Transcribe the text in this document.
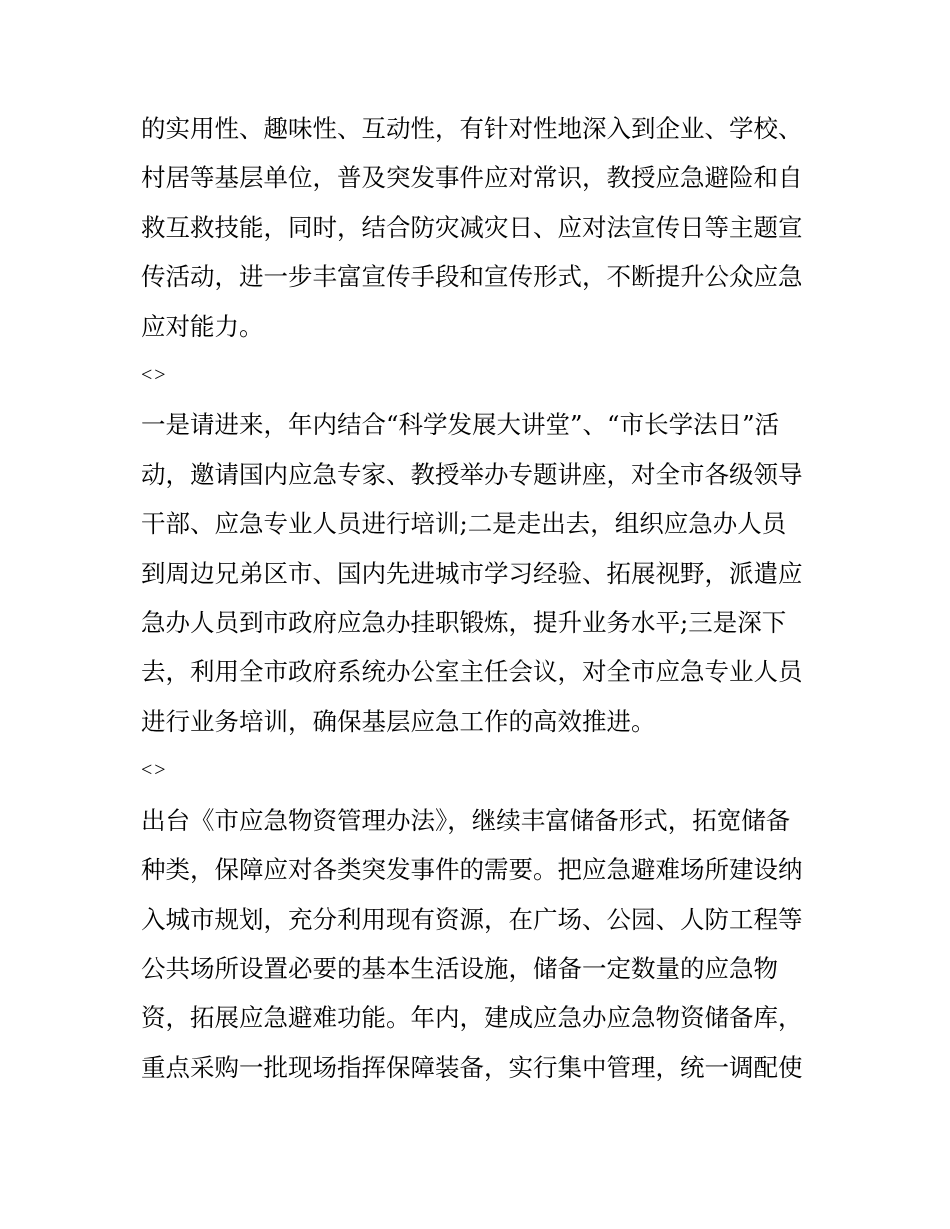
的实用性、趣味性、互动性，有针对性地深入到企业、学校、
村居等基层单位，普及突发事件应对常识，教授应急避险和自
救互救技能，同时，结合防灾减灾日、应对法宣传日等主题宣
传活动，进一步丰富宣传手段和宣传形式，不断提升公众应急
应对能力。

<>

一是请进来，年内结合“科学发展大讲堂”、“市长学法日”活
动，邀请国内应急专家、教授举办专题讲座，对全市各级领导
干部、应急专业人员进行培训;二是走出去，组织应急办人员
到周边兄弟区市、国内先进城市学习经验、拓展视野，派遣应
急办人员到市政府应急办挂职锻炼，提升业务水平;三是深下
去，利用全市政府系统办公室主任会议，对全市应急专业人员
进行业务培训，确保基层应急工作的高效推进。

<>

出台《市应急物资管理办法》，继续丰富储备形式，拓宽储备
种类，保障应对各类突发事件的需要。把应急避难场所建设纳
入城市规划，充分利用现有资源，在广场、公园、人防工程等
公共场所设置必要的基本生活设施，储备一定数量的应急物
资，拓展应急避难功能。年内，建成应急办应急物资储备库，
重点采购一批现场指挥保障装备，实行集中管理，统一调配使
